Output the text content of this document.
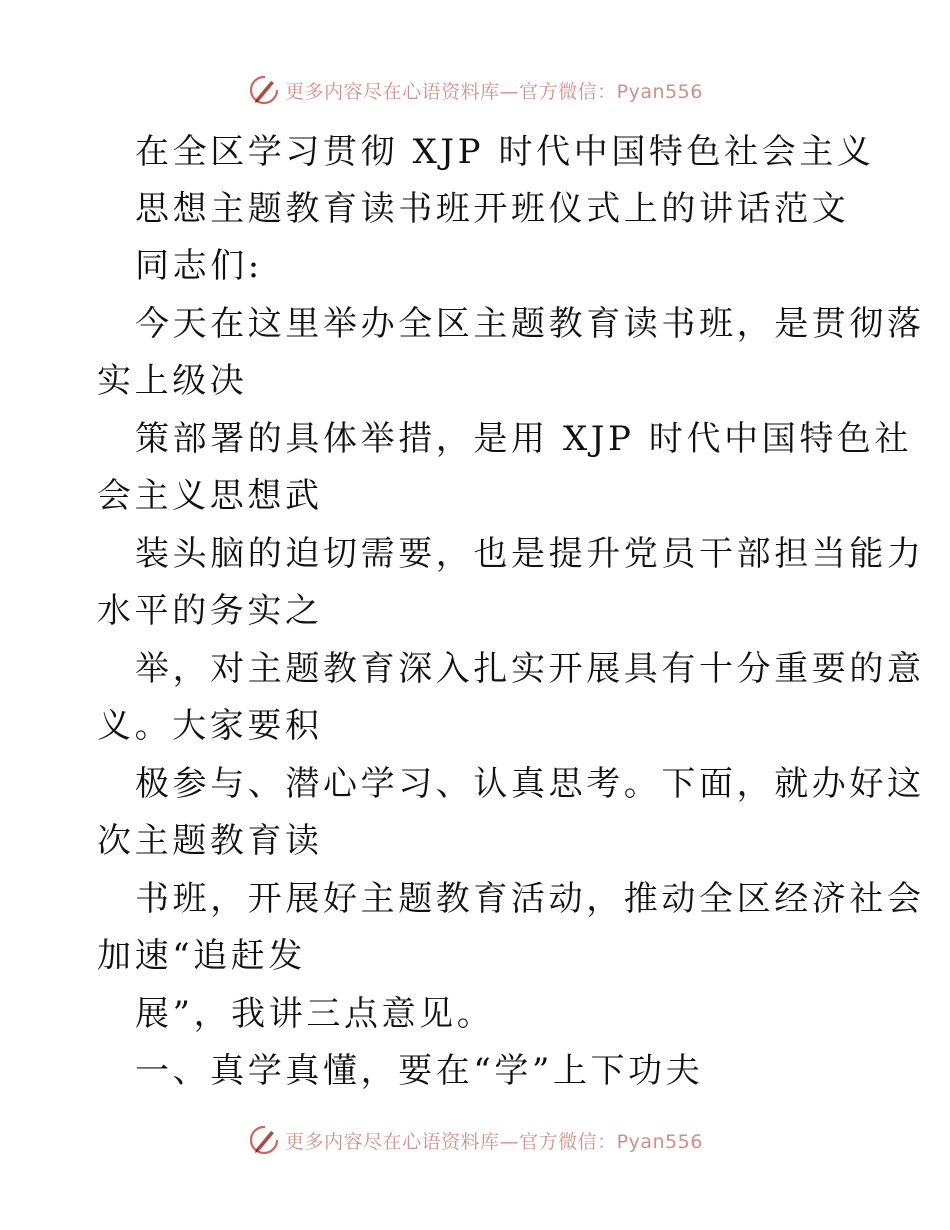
更多内容尽在心语资料库—官方微信：Pyan556
在全区学习贯彻 XJP 时代中国特色社会主义
思想主题教育读书班开班仪式上的讲话范文
同志们:
今天在这里举办全区主题教育读书班，是贯彻落
实上级决
策部署的具体举措，是用 XJP 时代中国特色社
会主义思想武
装头脑的迫切需要，也是提升党员干部担当能力
水平的务实之
举，对主题教育深入扎实开展具有十分重要的意
义。大家要积
极参与、潜心学习、认真思考。下面，就办好这
次主题教育读
书班，开展好主题教育活动，推动全区经济社会
加速“追赶发
展”，我讲三点意见。
一、真学真懂，要在“学”上下功夫
更多内容尽在心语资料库—官方微信：Pyan556
